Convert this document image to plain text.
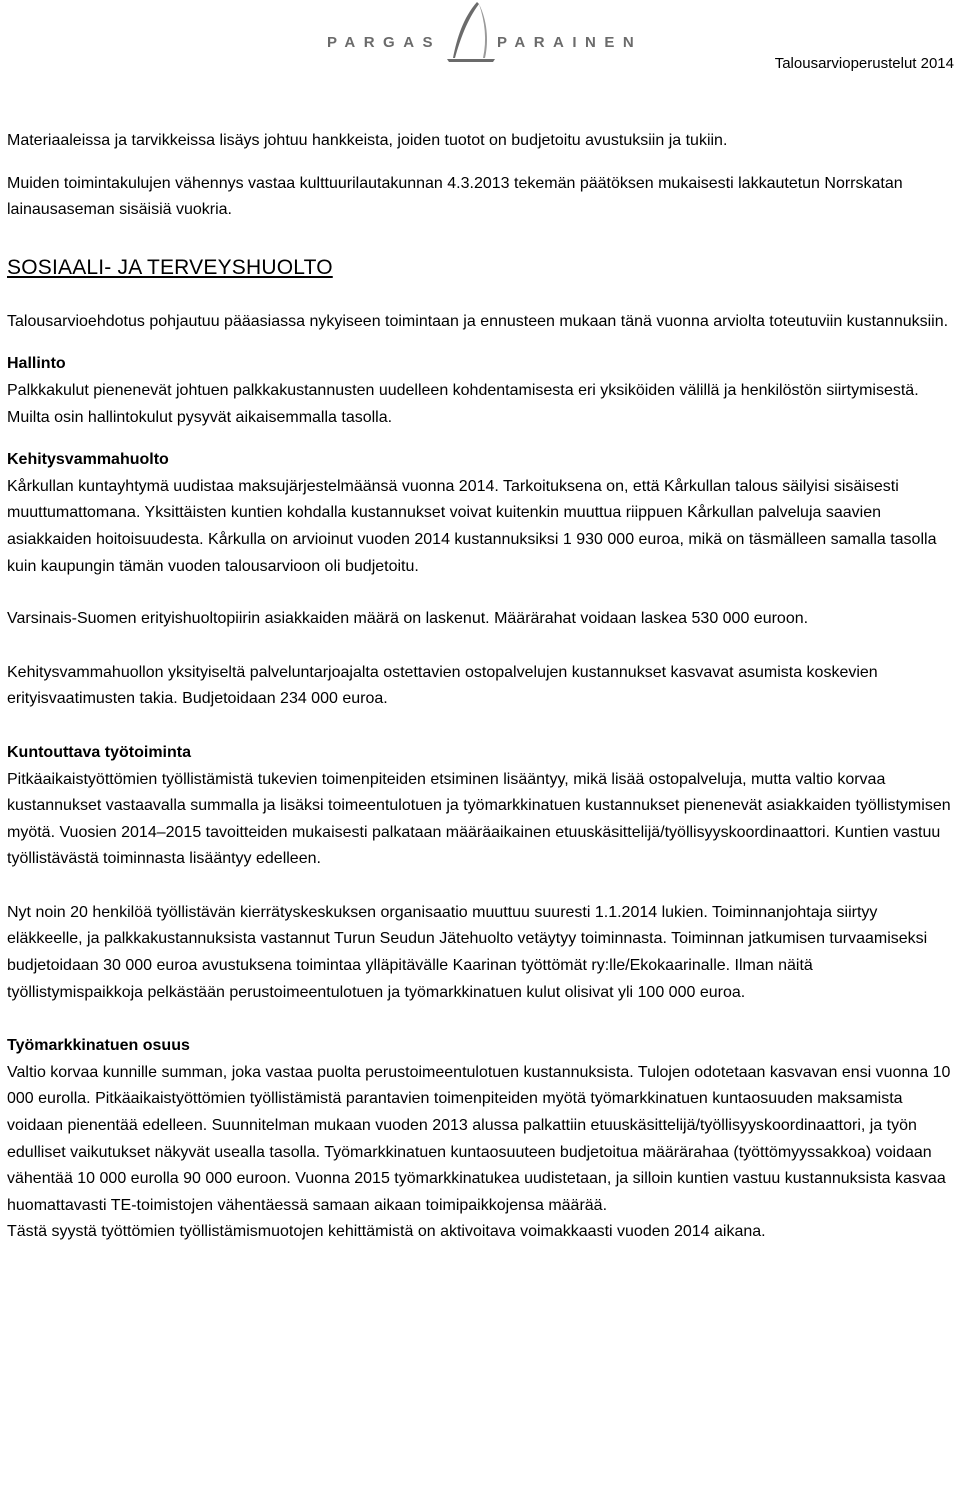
PARGAS	PARAINEN
Talousarvioperustelut 2014

Materiaaleissa ja tarvikkeissa lisäys johtuu hankkeista, joiden tuotot on budjetoitu avustuksiin ja tukiin.

Muiden toimintakulujen vähennys vastaa kulttuurilautakunnan 4.3.2013 tekemän päätöksen mukaisesti lakkautetun Norrskatan lainausaseman sisäisiä vuokria.

SOSIAALI- JA TERVEYSHUOLTO

Talousarvioehdotus pohjautuu pääasiassa nykyiseen toimintaan ja ennusteen mukaan tänä vuonna arviolta toteutuviin kustannuksiin.

Hallinto

Palkkakulut pienenevät johtuen palkkakustannusten uudelleen kohdentamisesta eri yksiköiden välillä ja henkilöstön siirtymisestä. Muilta osin hallintokulut pysyvät aikaisemmalla tasolla.

Kehitysvammahuolto

Kårkullan kuntayhtymä uudistaa maksujärjestelmäänsä vuonna 2014. Tarkoituksena on, että Kårkullan talous säilyisi sisäisesti muuttumattomana. Yksittäisten kuntien kohdalla kustannukset voivat kuitenkin muuttua riippuen Kårkullan palveluja saavien asiakkaiden hoitoisuudesta. Kårkulla on arvioinut vuoden 2014 kustannuksiksi 1 930 000 euroa, mikä on täsmälleen samalla tasolla kuin kaupungin tämän vuoden talousarvioon oli budjetoitu.

Varsinais-Suomen erityishuoltopiirin asiakkaiden määrä on laskenut. Määrärahat voidaan laskea 530 000 euroon.

Kehitysvammahuollon yksityiseltä palveluntarjoajalta ostettavien ostopalvelujen kustannukset kasvavat asumista koskevien erityisvaatimusten takia. Budjetoidaan 234 000 euroa.

Kuntouttava työtoiminta

Pitkäaikaistyöttömien työllistämistä tukevien toimenpiteiden etsiminen lisääntyy, mikä lisää ostopalveluja, mutta valtio korvaa kustannukset vastaavalla summalla ja lisäksi toimeentulotuen ja työmarkkinatuen kustannukset pienenevät asiakkaiden työllistymisen myötä. Vuosien 2014–2015 tavoitteiden mukaisesti palkataan määräaikainen etuuskäsittelijä/työllisyyskoordinaattori. Kuntien vastuu työllistävästä toiminnasta lisääntyy edelleen.

Nyt noin 20 henkilöä työllistävän kierrätyskeskuksen organisaatio muuttuu suuresti 1.1.2014 lukien. Toiminnanjohtaja siirtyy eläkkeelle, ja palkkakustannuksista vastannut Turun Seudun Jätehuolto vetäytyy toiminnasta. Toiminnan jatkumisen turvaamiseksi budjetoidaan 30 000 euroa avustuksena toimintaa ylläpitävälle Kaarinan työttömät ry:lle/Ekokaarinalle. Ilman näitä työllistymispaikkoja pelkästään perustoimeentulotuen ja työmarkkinatuen kulut olisivat yli 100 000 euroa.

Työmarkkinatuen osuus

Valtio korvaa kunnille summan, joka vastaa puolta perustoimeentulotuen kustannuksista. Tulojen odotetaan kasvavan ensi vuonna 10 000 eurolla. Pitkäaikaistyöttömien työllistämistä parantavien toimenpiteiden myötä työmarkkinatuen kuntaosuuden maksamista voidaan pienentää edelleen. Suunnitelman mukaan vuoden 2013 alussa palkattiin etuuskäsittelijä/työllisyyskoordinaattori, ja työn edulliset vaikutukset näkyvät usealla tasolla. Työmarkkinatuen kuntaosuuteen budjetoitua määrärahaa (työttömyyssakkoa) voidaan vähentää 10 000 eurolla 90 000 euroon. Vuonna 2015 työmarkkinatukea uudistetaan, ja silloin kuntien vastuu kustannuksista kasvaa huomattavasti TE-toimistojen vähentäessä samaan aikaan toimipaikkojensa määrää.

Tästä syystä työttömien työllistämismuotojen kehittämistä on aktivoitava voimakkaasti vuoden 2014 aikana.
